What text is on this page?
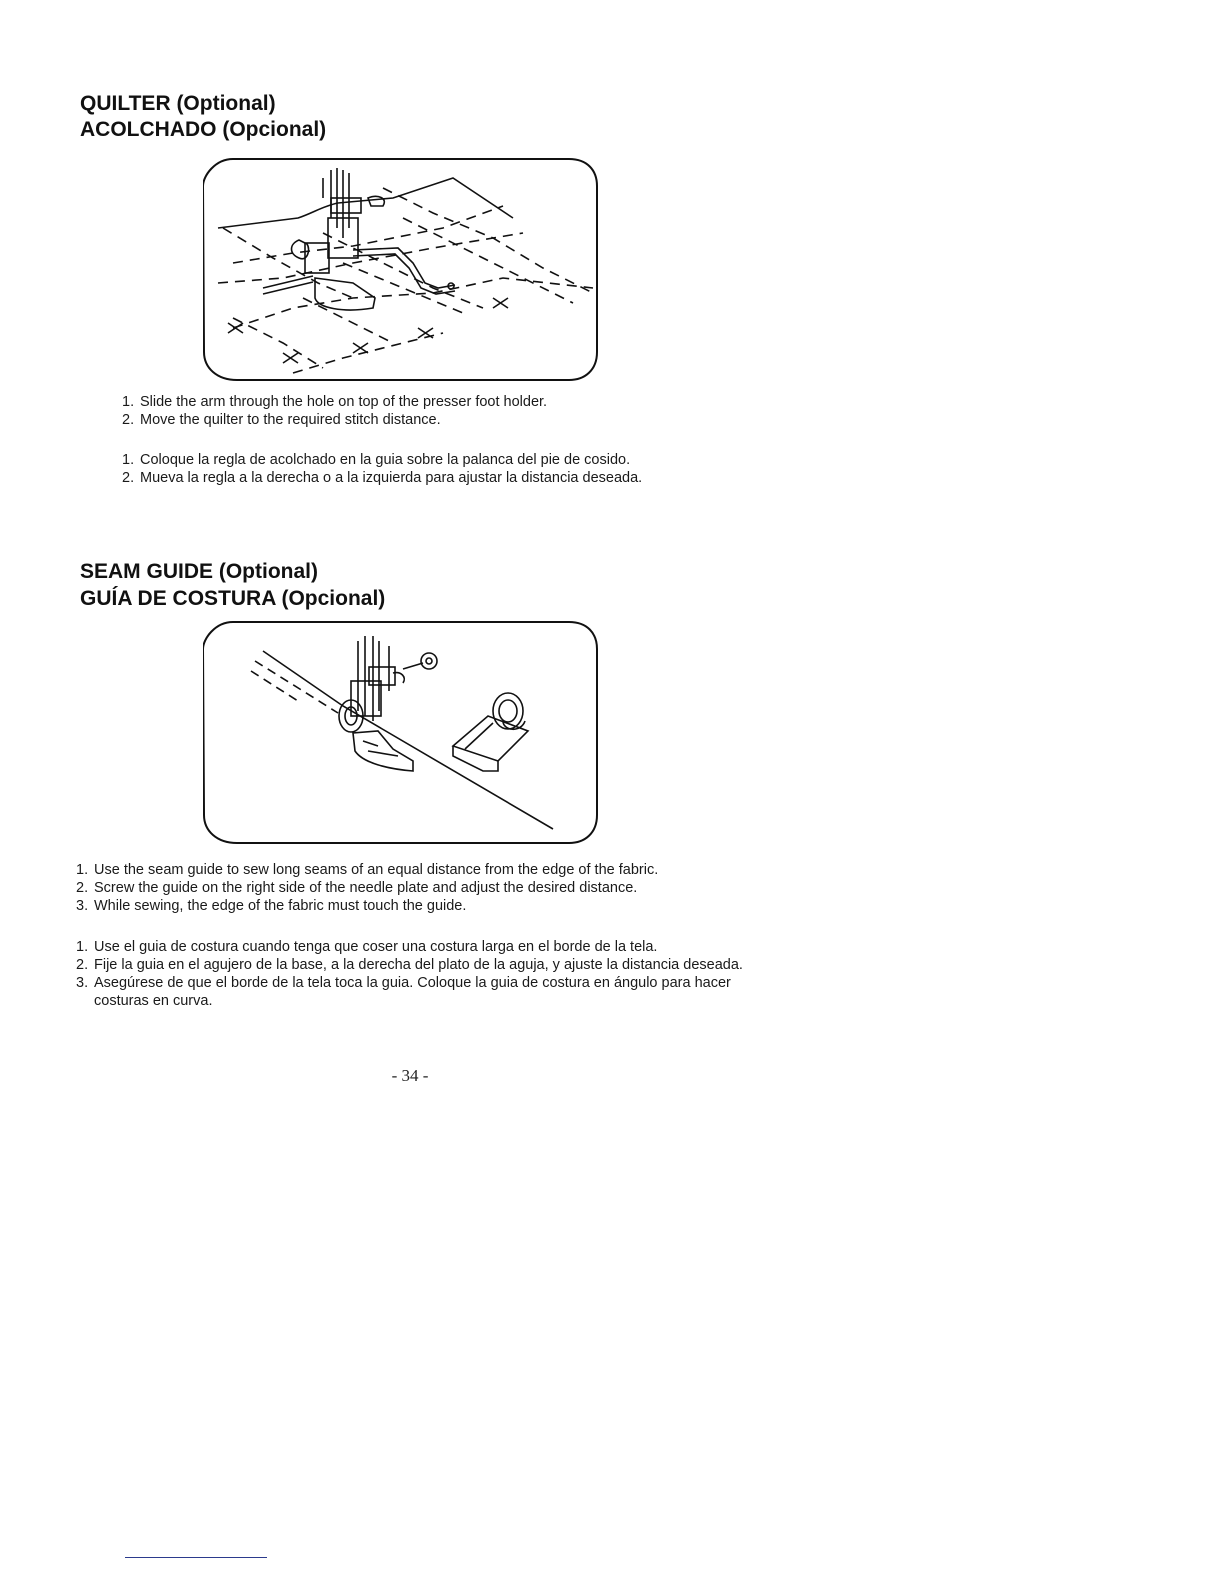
QUILTER (Optional)
ACOLCHADO (Opcional)
1. Slide the arm through the hole on top of the presser foot holder.
2. Move the quilter to the required stitch distance.
1. Coloque la regla de acolchado en la guia sobre la palanca del pie de cosido.
2. Mueva la regla a la derecha o a la izquierda para ajustar la distancia deseada.
SEAM GUIDE (Optional)
GUÍA DE COSTURA (Opcional)
1. Use the seam guide to sew long seams of an equal distance from the edge of the fabric.
2. Screw the guide on the right side of the needle plate and adjust the desired distance.
3. While sewing, the edge of the fabric must touch the guide.
1. Use el guia de costura cuando tenga que coser una costura larga en el borde de la tela.
2. Fije la guia en el agujero de la base, a la derecha del plato de la aguja, y ajuste la distancia deseada.
3. Asegúrese de que el borde de la tela toca la guia. Coloque la guia de costura en ángulo para hacer costuras en curva.
- 34 -
